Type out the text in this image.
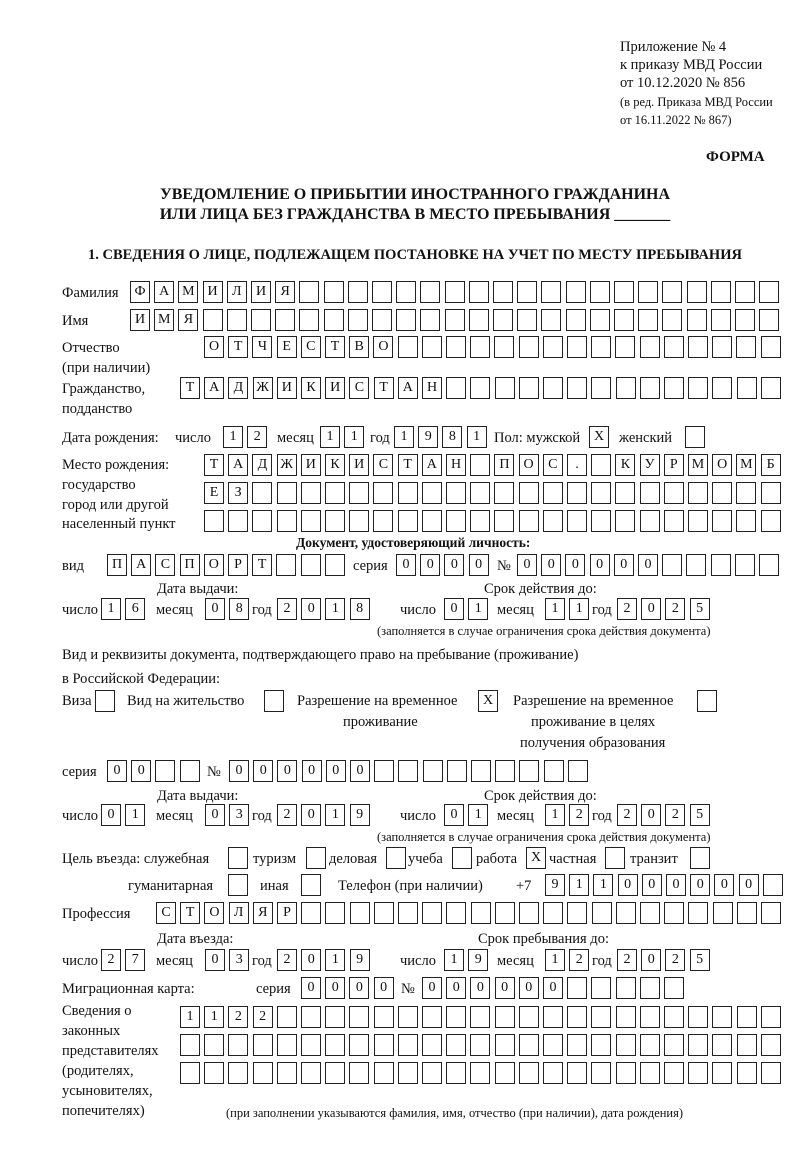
Приложение № 4
к приказу МВД России
от 10.12.2020 № 856
(в ред. Приказа МВД России
от 16.11.2022 № 867)
ФОРМА
УВЕДОМЛЕНИЕ О ПРИБЫТИИ ИНОСТРАННОГО ГРАЖДАНИНА
ИЛИ ЛИЦА БЕЗ ГРАЖДАНСТВА В МЕСТО ПРЕБЫВАНИЯ _______
1. СВЕДЕНИЯ О ЛИЦЕ, ПОДЛЕЖАЩЕМ ПОСТАНОВКЕ НА УЧЕТ ПО МЕСТУ ПРЕБЫВАНИЯ
Фамилия	Ф А М И	Л	И	Я
Имя	И М Я
Отчество
(при наличии)
О	Т	Ч	Е	С	Т	В	О
Гражданство,
подданство
Т	А	Д Ж И	К	И	С	Т	А	Н
Дата рождения: число	1	2	месяц 1	1 год 1	9	8	1 Пол: мужской X	женский
Место рождения:
государство
город или другой
населенный пункт
Т	А	Д Ж И	К	И	С	Т	А	Н	П	О	С	.	К	У	Р	М О М Б
Е	З
Документ, удостоверяющий личность:
вид	П	А	С	П	О	Р	Т	серия	0	0	0	0	№ 0	0	0	0	0	0
Дата выдачи:	Срок действия до:
число 1	6	месяц	0	8 год 2	0	1	8	число	0	1	месяц	1	1 год 2	0	2	5
(заполняется в случае ограничения срока действия документа)
Вид и реквизиты документа, подтверждающего право на пребывание (проживание)
в Российской Федерации:
Виза Вид на жительство	Разрешение на временное
проживание
X	Разрешение на временное
проживание в целях
получения образования
серия	0	0	№	0	0	0	0	0	0
Дата выдачи:	Срок действия до:
число 0	1	месяц	0	3 год 2	0	1	9	число	0	1	месяц	1	2 год 2	0	2	5
(заполняется в случае ограничения срока действия документа)
Цель въезда: служебная	туризм деловая учеба работа X частная транзит
гуманитарная	иная	Телефон (при наличии) +7	9	1	1	0	0	0	0	0	0
Профессия	С	Т	О	Л	Я	Р
Дата въезда:	Срок пребывания до:
число 2	7	месяц	0	3 год 2	0	1	9	число	1	9	месяц	1	2 год 2	0	2	5
Миграционная карта:	серия	0	0	0	0 № 0	0	0	0	0	0
Сведения о
законных
представителях
(родителях,
усыновителях,
попечителях)
1	1	2	2
(при заполнении указываются фамилия, имя, отчество (при наличии), дата рождения)
